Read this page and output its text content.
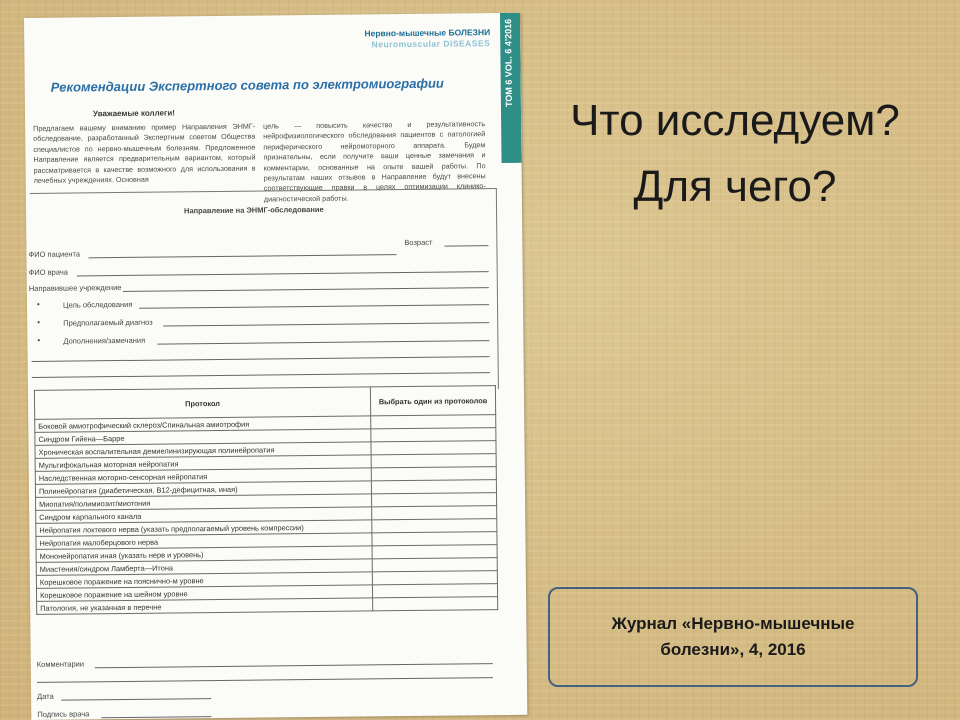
ТОМ 6 VOL. 6 4'2016
Нервно-мышечные БОЛЕЗНИ
Neuromuscular DISEASES
Рекомендации Экспертного совета по электромиографии
Уважаемые коллеги!
Предлагаем вашему вниманию пример Направления ЭНМГ-обследование, разработанный Экспертным советом Общества специалистов по нервно-мышечным болезням. Предложенное Направление является предварительным вариантом, который рассматривается в качестве возможного для использования в лечебных учреждениях. Основная
цель — повысить качество и результативность нейрофизиологического обследования пациентов с патологией периферического нейромоторного аппарата. Будем признательны, если получите ваши ценные замечания и комментарии, основанные на опыте вашей работы. По результатам наших отзывов в Направление будут внесены соответствующие правки в целях оптимизации клинико-диагностической работы.
Направление на ЭНМГ-обследование
ФИО пациента
Возраст
ФИО врача
Направившее учреждение
•	Цель обследования
•	Предполагаемый диагноз
•	Дополнения/замечания
Протокол	Выбрать один из протоколов
Боковой амиотрофический склероз/Спинальная амиотрофия	
Синдром Гийена—Барре	
Хроническая воспалительная демиелинизирующая полинейропатия	
Мультифокальная моторная нейропатия	
Наследственная моторно-сенсорная нейропатия	
Полинейропатия (диабетическая, B12-дефицитная, иная)	
Миопатия/полимиозит/миотония	
Синдром карпального канала	
Нейропатия локтевого нерва (указать предполагаемый уровень компрессии)	
Нейропатия малоберцового нерва	
Мононейропатия иная (указать нерв и уровень)	
Миастения/синдром Ламберта—Итона	
Корешковое поражение на пояснично-м уровне	
Корешковое поражение на шейном уровне	
Патология, не указанная в перечне	
Комментарии
Дата
Подпись врача
Что исследуем?
Для чего?
Журнал «Нервно-мышечные болезни», 4, 2016
